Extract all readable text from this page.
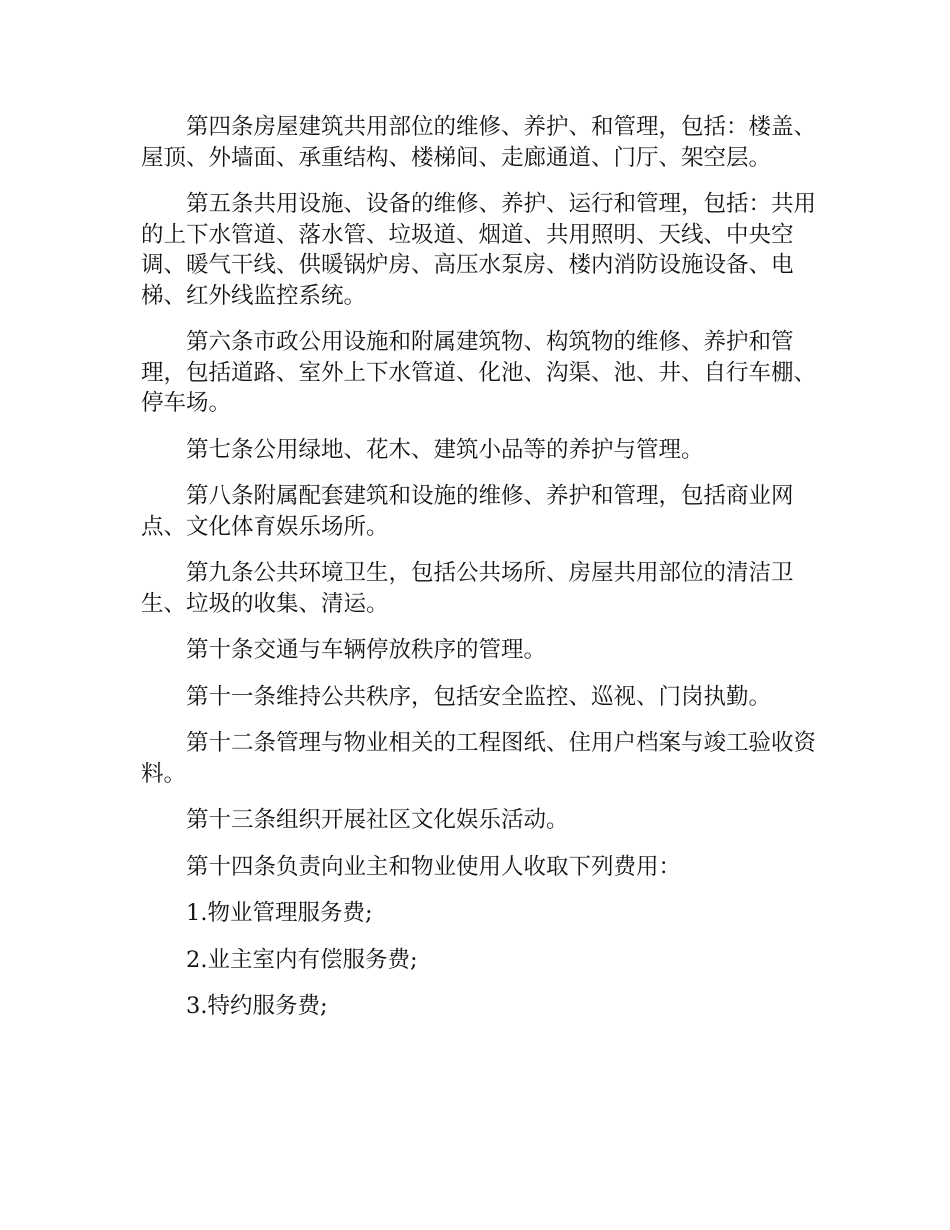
第四条房屋建筑共用部位的维修、养护、和管理，包括：楼盖、屋顶、外墙面、承重结构、楼梯间、走廊通道、门厅、架空层。

第五条共用设施、设备的维修、养护、运行和管理，包括：共用的上下水管道、落水管、垃圾道、烟道、共用照明、天线、中央空调、暖气干线、供暖锅炉房、高压水泵房、楼内消防设施设备、电梯、红外线监控系统。

第六条市政公用设施和附属建筑物、构筑物的维修、养护和管理，包括道路、室外上下水管道、化池、沟渠、池、井、自行车棚、停车场。

第七条公用绿地、花木、建筑小品等的养护与管理。

第八条附属配套建筑和设施的维修、养护和管理，包括商业网点、文化体育娱乐场所。

第九条公共环境卫生，包括公共场所、房屋共用部位的清洁卫生、垃圾的收集、清运。

第十条交通与车辆停放秩序的管理。

第十一条维持公共秩序，包括安全监控、巡视、门岗执勤。

第十二条管理与物业相关的工程图纸、住用户档案与竣工验收资料。

第十三条组织开展社区文化娱乐活动。

第十四条负责向业主和物业使用人收取下列费用：

1.物业管理服务费;

2.业主室内有偿服务费;

3.特约服务费;
